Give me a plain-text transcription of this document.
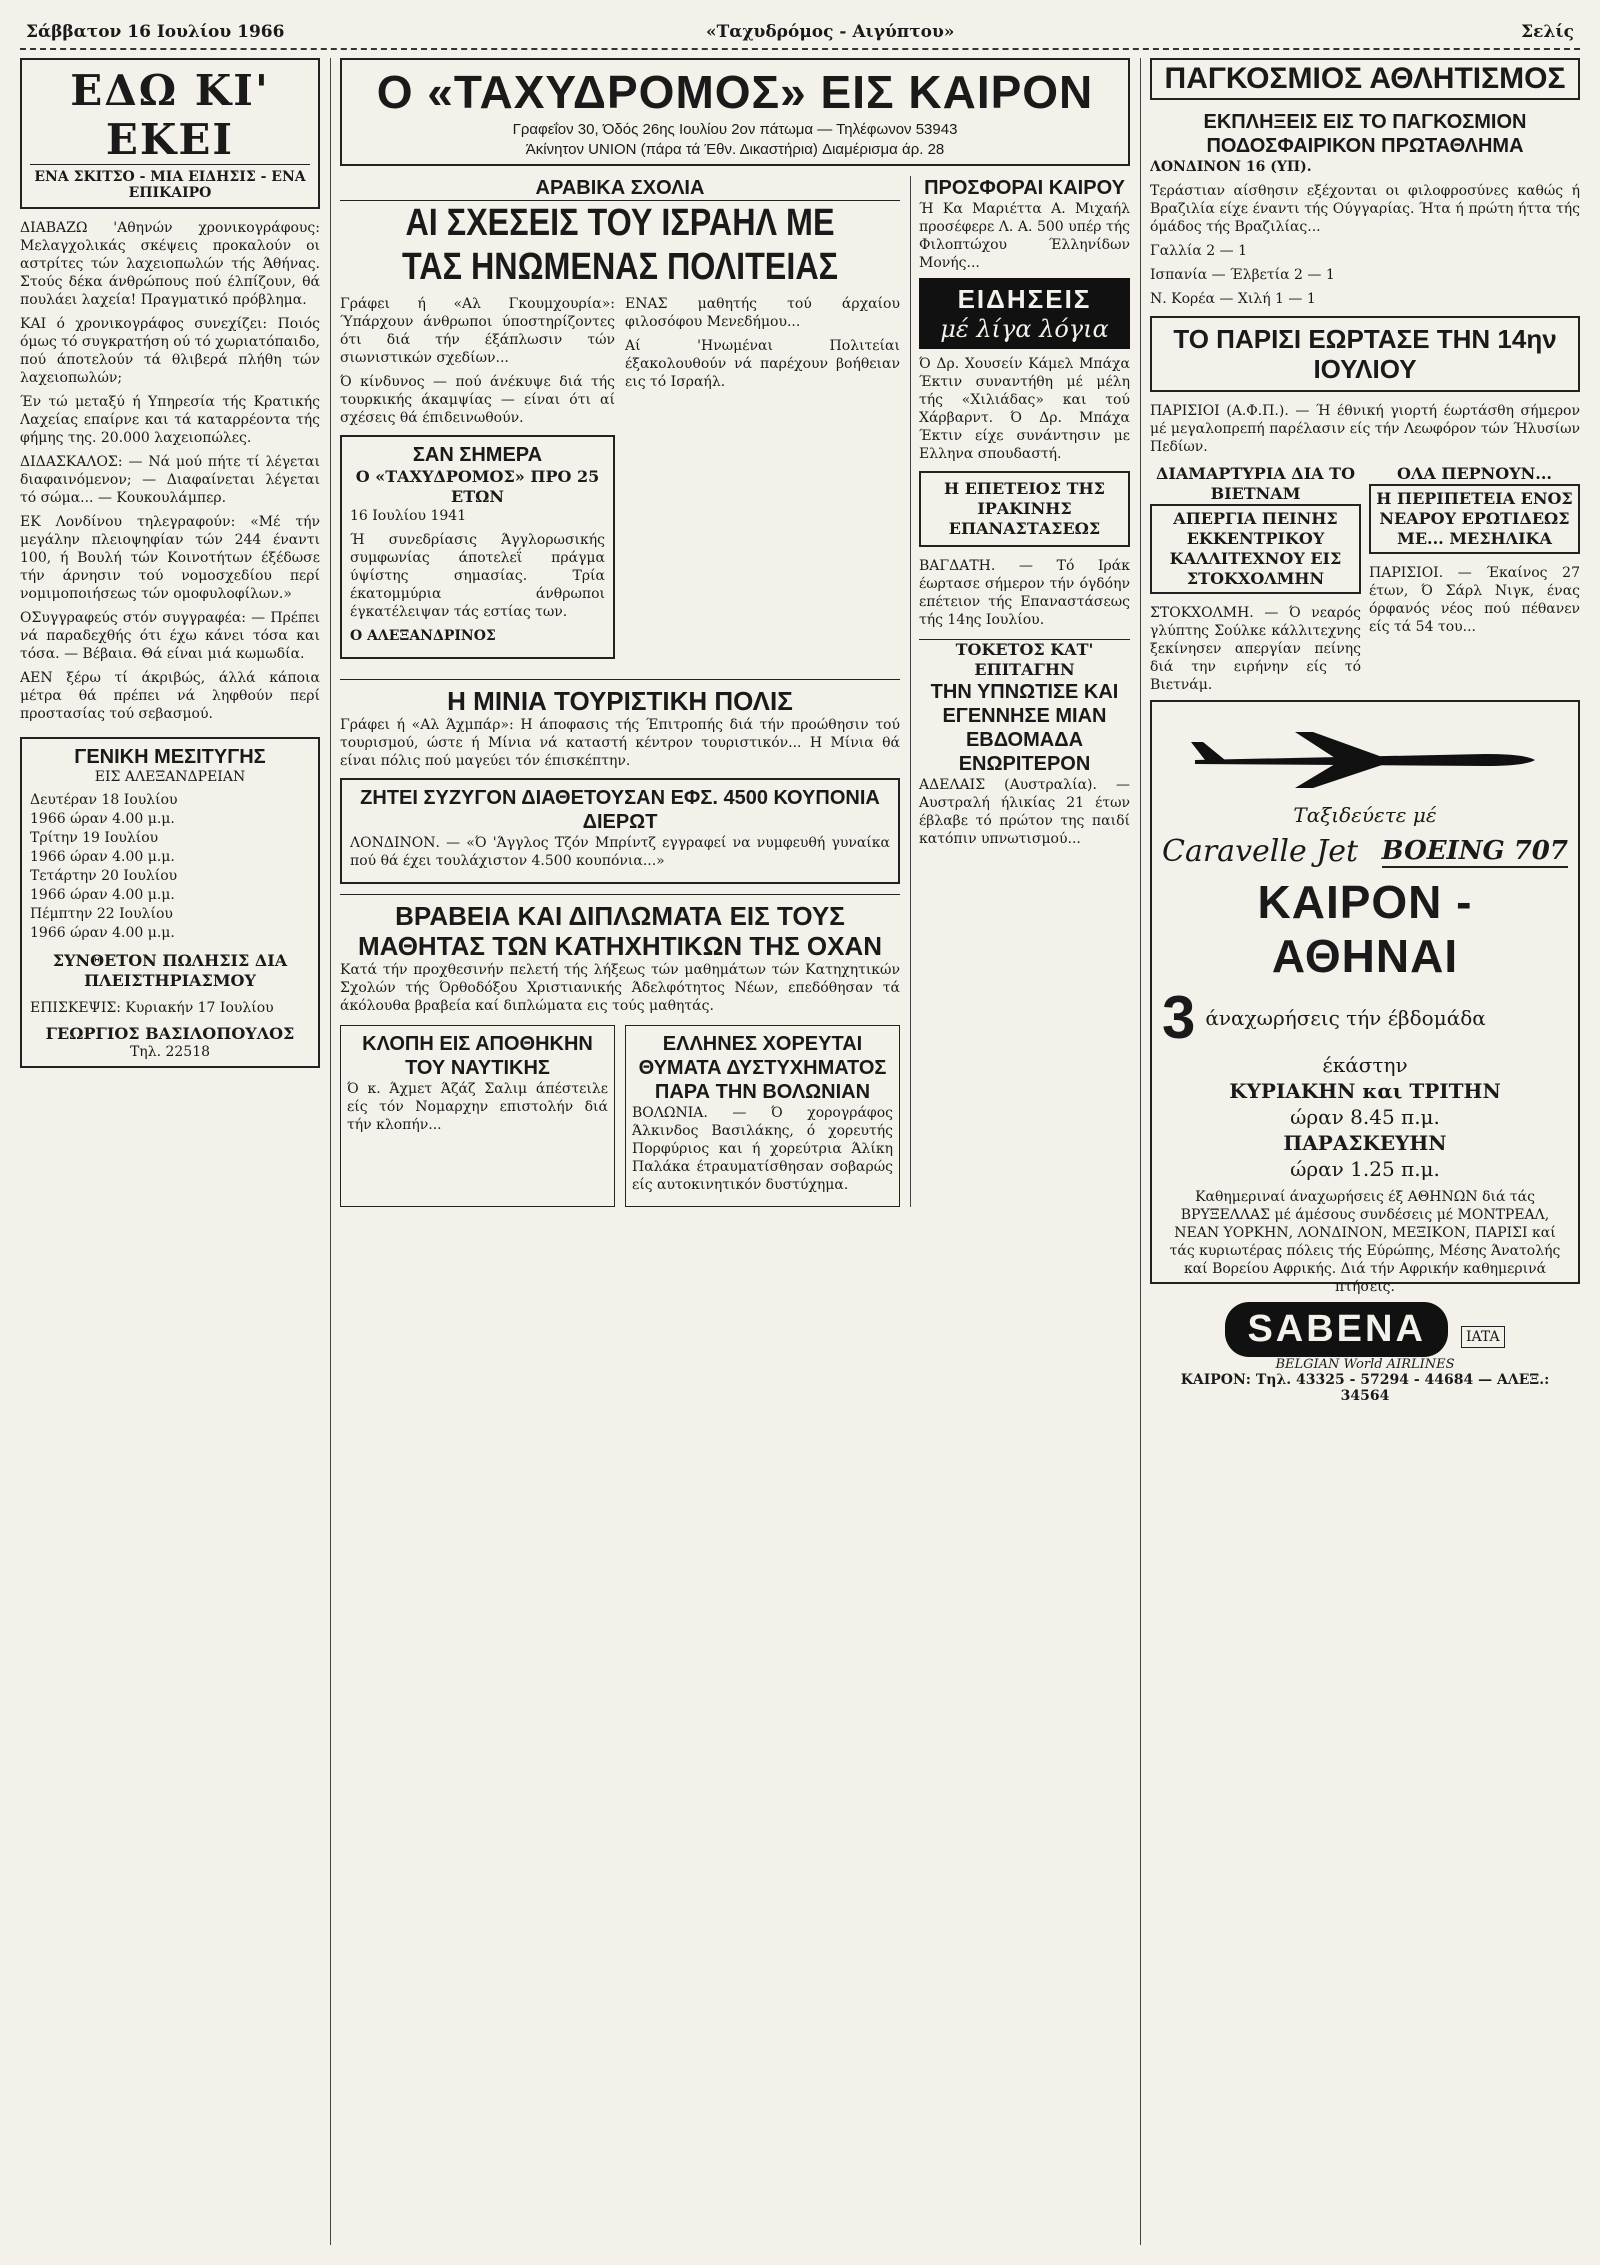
Σάββατον 16 Ιουλίου 1966	«Ταχυδρόμος - Αιγύπτου»	Σελίς
ΕΔΩ ΚΙ' ΕΚΕΙ
ΕΝΑ ΣΚΙΤΣΟ - ΜΙΑ ΕΙΔΗΣΙΣ - ΕΝΑ ΕΠΙΚΑΙΡΟ

ΔΙΑΒΑΖΩ 'Αθηνών χρονικογράφους: Μελαγχολικάς σκέψεις προκαλούν οι αστρίτες τών λαχειοπωλών τής Άθήνας. Στούς δέκα άνθρώπους πού έλπίζουν, θά πουλάει λαχεία! Πραγματικό πρόβλημα.

ΚΑΙ ό χρονικογράφος συνεχίζει: Ποιός όμως τό συγκρατήση ού τό χωριατόπαιδο, πού άποτελούν τά θλιβερά πλήθη τών λαχειοπωλών;

Έν τώ μεταξύ ή Υπηρεσία τής Κρατικής Λαχείας επαίρνε και τά καταρρέοντα τής φήμης της. 20.000 λαχειοπώλες.

ΔΙΔΑΣΚΑΛΟΣ: — Νά μού πήτε τί λέγεται διαφαινόμενον; — Διαφαίνεται λέγεται τό σώμα... — Κουκουλάμπερ.

ΕΚ Λονδίνου τηλεγραφούν: «Μέ τήν μεγάλην πλειοψηφίαν τών 244 έναντι 100, ή Βουλή τών Κοινοτήτων έξέδωσε τήν άρνησιν τού νομοσχεδίου περί νομιμοποιήσεως τών ομοφυλοφίλων.»

ΟΣυγγραφεύς στόν συγγραφέα: — Πρέπει νά παραδεχθής ότι έχω κάνει τόσα και τόσα. — Βέβαια. Θά είναι μιά κωμωδία.

ΑΕΝ ξέρω τί άκριβώς, άλλά κάποια μέτρα θά πρέπει νά ληφθούν περί προστασίας τού σεβασμού.

ΓΕΝΙΚΗ ΜΕΣΙΤΥΓΗΣ
ΕΙΣ ΑΛΕΞΑΝΔΡΕΙΑΝ

Δευτέραν 18 Ιουλίου

1966 ώραν 4.00 μ.μ.

Τρίτην 19 Ιουλίου

1966 ώραν 4.00 μ.μ.

Τετάρτην 20 Ιουλίου

1966 ώραν 4.00 μ.μ.

Πέμπτην 22 Ιουλίου

1966 ώραν 4.00 μ.μ.

ΣΥΝΘΕΤΟΝ ΠΩΛΗΣΙΣ ΔΙΑ ΠΛΕΙΣΤΗΡΙΑΣΜΟΥ

ΕΠΙΣΚΕΨΙΣ: Κυριακήν 17 Ιουλίου

ΓΕΩΡΓΙΟΣ ΒΑΣΙΛΟΠΟΥΛΟΣ
Τηλ. 22518
Ο «ΤΑΧΥΔΡΟΜΟΣ» ΕΙΣ ΚΑΙΡΟΝ
Γραφεΐον 30, Όδός 26ης Ιουλίου 2ον πάτωμα — Τηλέφωνον 53943
Άκίνητον UNION (πάρα τά Έθν. Δικαστήρια) Διαμέρισμα άρ. 28
ΑΡΑΒΙΚΑ ΣΧΟΛΙΑ
ΑΙ ΣΧΕΣΕΙΣ ΤΟΥ ΙΣΡΑΗΛ ΜΕ ΤΑΣ ΗΝΩΜΕΝΑΣ ΠΟΛΙΤΕΙΑΣ

Γράφει ή «Αλ Γκουμχουρία»: Ύπάρχουν άνθρωποι ύποστηρίζοντες ότι διά τήν έξάπλωσιν τών σιωνιστικών σχεδίων...

Ό κίνδυνος — πού άνέκυψε διά τής τουρκικής άκαμψίας — είναι ότι αί σχέσεις θά έπιδεινωθούν.

ΣΑΝ ΣΗΜΕΡΑ
Ο «ΤΑΧΥΔΡΟΜΟΣ» ΠΡΟ 25 ΕΤΩΝ

16 Ιουλίου 1941

Ή συνεδρίασις Άγγλορωσικής συμφωνίας άποτελεΐ πράγμα ύψίστης σημασίας. Τρία έκατομμύρια άνθρωποι έγκατέλειψαν τάς εστίας των.

Ο ΑΛΕΞΑΝΔΡΙΝΟΣ

ΕΝΑΣ μαθητής τού άρχαίου φιλοσόφου Μενεδήμου...

Αί 'Ηνωμέναι Πολιτείαι έξακολουθούν νά παρέχουν βοήθειαν εις τό Ισραήλ.

Η ΜΙΝΙΑ ΤΟΥΡΙΣΤΙΚΗ ΠΟΛΙΣ

Γράφει ή «Αλ Άχμπάρ»: Η άποφασις τής Έπιτροπής διά τήν προώθησιν τού τουρισμού, ώστε ή Μίνια νά καταστή κέντρον τουριστικόν... Η Μίνια θά είναι πόλις πού μαγεύει τόν έπισκέπτην.

ΖΗΤΕΙ ΣΥΖΥΓΟΝ ΔΙΑΘΕΤΟΥΣΑΝ ΕΦΣ. 4500 ΚΟΥΠΟΝΙΑ ΔΙΕΡΩΤ

ΛΟΝΔΙΝΟΝ. — «Ό 'Άγγλος Τζόν Μπρίντζ εγγραφεί να νυμφευθή γυναίκα πού θά έχει τουλάχιστον 4.500 κουπόνια...»

ΒΡΑΒΕΙΑ ΚΑΙ ΔΙΠΛΩΜΑΤΑ ΕΙΣ ΤΟΥΣ ΜΑΘΗΤΑΣ ΤΩΝ ΚΑΤΗΧΗΤΙΚΩΝ ΤΗΣ ΟΧΑΝ

Κατά τήν προχθεσινήν πελετή τής λήξεως τών μαθημάτων τών Κατηχητικών Σχολών τής Όρθοδόξου Χριστιανικής Άδελφότητος Νέων, επεδόθησαν τά άκόλουθα βραβεία καί διπλώματα εις τούς μαθητάς.

ΚΛΟΠΗ ΕΙΣ ΑΠΟΘΗΚΗΝ ΤΟΥ ΝΑΥΤΙΚΗΣ

Ό κ. Άχμετ Άζάζ Σαλιμ άπέστειλε είς τόν Νομαρχην επιστολήν διά τήν κλοπήν...

ΕΛΛΗΝΕΣ ΧΟΡΕΥΤΑΙ ΘΥΜΑΤΑ ΔΥΣΤΥΧΗΜΑΤΟΣ ΠΑΡΑ ΤΗΝ ΒΟΛΩΝΙΑΝ

ΒΟΛΩΝΙΑ. — Ό χορογράφος Άλκινδος Βασιλάκης, ό χορευτής Πορφύριος και ή χορεύτρια Άλίκη Παλάκα έτραυματίσθησαν σοβαρώς είς αυτοκινητικόν δυστύχημα.

ΠΡΟΣΦΟΡΑΙ ΚΑΙΡΟΥ

Ή Κα Μαριέττα Α. Μιχαήλ προσέφερε Λ. Α. 500 υπέρ τής Φιλοπτώχου Έλληνίδων Μονής...

ΕΙΔΗΣΕΙΣ
μέ λίγα λόγια

Ό Δρ. Χουσείν Κάμελ Μπάχα Έκτιν συναντήθη μέ μέλη τής «Χιλιάδας» και τού Χάρβαρντ. Ό Δρ. Μπάχα Έκτιν είχε συνάντησιν με Ελληνα σπουδαστή.

Η ΕΠΕΤΕΙΟΣ ΤΗΣ ΙΡΑΚΙΝΗΣ ΕΠΑΝΑΣΤΑΣΕΩΣ

ΒΑΓΔΑΤΗ. — Τό Ιράκ έωρτασε σήμερον τήν όγδόην επέτειον τής Επαναστάσεως τής 14ης Ιουλίου.

ΤΟΚΕΤΟΣ ΚΑΤ' ΕΠΙΤΑΓΗΝ
ΤΗΝ ΥΠΝΩΤΙΣΕ ΚΑΙ ΕΓΕΝΝΗΣΕ ΜΙΑΝ ΕΒΔΟΜΑΔΑ ΕΝΩΡΙΤΕΡΟΝ

ΑΔΕΛΑΙΣ (Αυστραλία). — Αυστραλή ήλικίας 21 έτων έβλαβε τό πρώτον της παιδί κατόπιν υπνωτισμού...

ΠΑΓΚΟΣΜΙΟΣ ΑΘΛΗΤΙΣΜΟΣ
ΕΚΠΛΗΞΕΙΣ ΕΙΣ ΤΟ ΠΑΓΚΟΣΜΙΟΝ ΠΟΔΟΣΦΑΙΡΙΚΟΝ ΠΡΩΤΑΘΛΗΜΑ

ΛΟΝΔΙΝΟΝ 16 (ΥΠ).

Τεράστιαν αίσθησιν εξέχονται οι φιλοφροσύνες καθώς ή Βραζιλία είχε έναντι τής Ούγγαρίας. Ήτα ή πρώτη ήττα τής όμάδος τής Βραζιλίας...

Γαλλία 2 — 1

Ισπανία — Έλβετία 2 — 1

Ν. Κορέα — Χιλή 1 — 1

ΤΟ ΠΑΡΙΣΙ ΕΩΡΤΑΣΕ ΤΗΝ 14ην ΙΟΥΛΙΟΥ

ΠΑΡΙΣΙΟΙ (Α.Φ.Π.). — Ή έθνική γιορτή έωρτάσθη σήμερον μέ μεγαλοπρεπή παρέλασιν είς τήν Λεωφόρον τών Ήλυσίων Πεδίων.

ΔΙΑΜΑΡΤΥΡΙΑ ΔΙΑ ΤΟ ΒΙΕΤΝΑΜ
ΑΠΕΡΓΙΑ ΠΕΙΝΗΣ ΕΚΚΕΝΤΡΙΚΟΥ ΚΑΛΛΙΤΕΧΝΟΥ ΕΙΣ ΣΤΟΚΧΟΛΜΗΝ

ΣΤΟΚΧΟΛΜΗ. — Ό νεαρός γλύπτης Σούλκε κάλλιτεχνης ξεκίνησεν απεργίαν πείνης διά την ειρήνην είς τό Βιετνάμ.

ΟΛΑ ΠΕΡΝΟΥΝ...
Η ΠΕΡΙΠΕΤΕΙΑ ΕΝΟΣ ΝΕΑΡΟΥ ΕΡΩΤΙΔΕΩΣ ΜΕ... ΜΕΣΗΛΙΚΑ

ΠΑΡΙΣΙΟΙ. — Έκαίνος 27 έτων, Ό Σάρλ Νιγκ, ένας όρφανός νέος πού πέθανεν είς τά 54 του...

Ταξιδεύετε μέ
Caravelle Jet BOEING 707
ΚΑΙΡΟΝ - ΑΘΗΝΑΙ
3 άναχωρήσεις τήν έβδομάδα
έκάστην
ΚΥΡΙΑΚΗΝ και ΤΡΙΤΗΝ
ώραν 8.45 π.μ.
ΠΑΡΑΣΚΕΥΗΝ
ώραν 1.25 π.μ.

Καθημεριναί άναχωρήσεις έξ ΑΘΗΝΩΝ διά τάς ΒΡΥΞΕΛΛΑΣ μέ άμέσους συνδέσεις μέ ΜΟΝΤΡΕΑΛ, ΝΕΑΝ ΥΟΡΚΗΝ, ΛΟΝΔΙΝΟΝ, ΜΕΞΙΚΟΝ, ΠΑΡΙΣΙ καί τάς κυριωτέρας πόλεις τής Εύρώπης, Μέσης Άνατολής καί Βορείου Αφρικής. Διά τήν Αφρικήν καθημερινά πτήσεις.

SABENA	IATA
BELGIAN World AIRLINES
ΚΑΙΡΟΝ: Τηλ. 43325 - 57294 - 44684 — ΑΛΕΞ.: 34564
